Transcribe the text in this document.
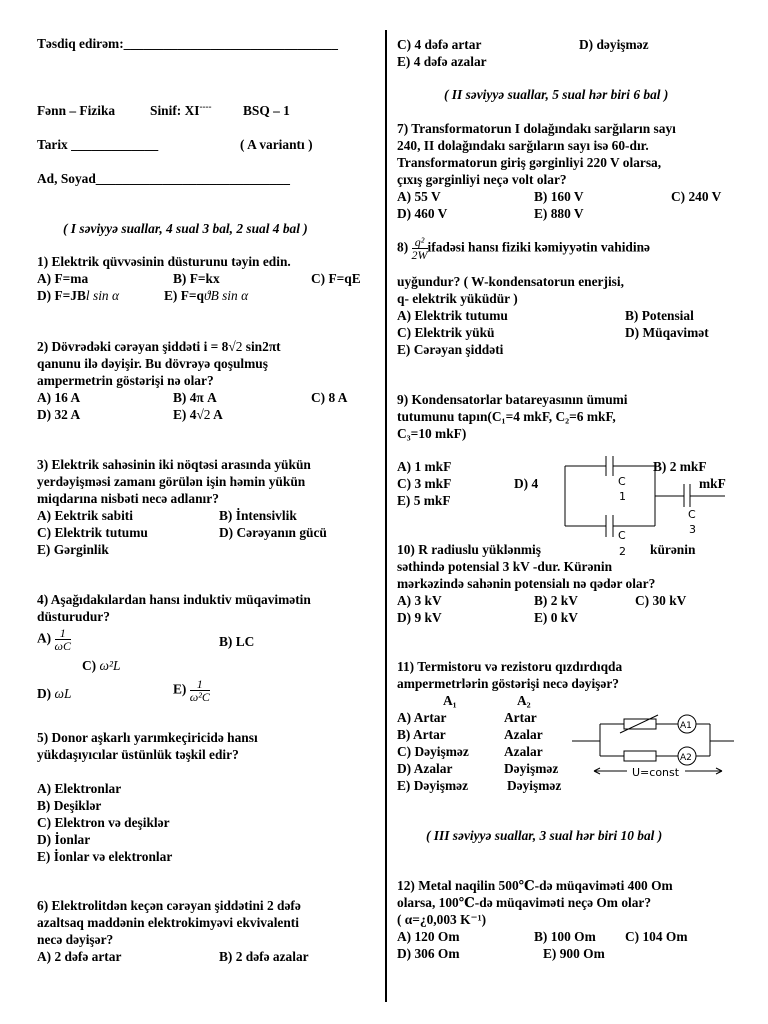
Təsdiq edirəm:________________________________
Fənn – Fizika	Sinif: XI---- BSQ – 1
Tarix _____________	( A variantı )
Ad, Soyad_____________________________
( I səviyyə suallar, 4 sual 3 bal, 2 sual 4 bal )
1) Elektrik qüvvəsinin düsturunu təyin edin.
A) F=ma	B) F=kx	C) F=qE
D) F=JBl sin α	E) F=qϑB sin α
2) Dövrədəki cərəyan şiddəti i = 8√2 sin2πt
qanunu ilə dəyişir. Bu dövrəyə qoşulmuş
ampermetrin göstərişi nə olar?
A) 16 A	B) 4π A	C) 8 A
D) 32 A	E) 4√2 A
3) Elektrik sahəsinin iki nöqtəsi arasında yükün
yerdəyişməsi zamanı görülən işin həmin yükün
miqdarına nisbəti necə adlanır?
A) Eektrik sabiti	B) İntensivlik
C) Elektrik tutumu	D) Cərəyanın gücü
E) Gərginlik
4) Aşağıdakılardan hansı induktiv müqavimətin
düsturudur?
$A) \frac{1}{\omega C}$	B) LC
C) ω²L
D) ωL	$E) \frac{1}{\text{ω²C}}$
5) Donor aşkarlı yarımkeçiricidə hansı
yükdaşıyıcılar üstünlük təşkil edir?
A) Elektronlar
B) Deşiklər
C) Elektron və deşiklər
D) İonlar
E) İonlar və elektronlar
6) Elektrolitdən keçən cərəyan şiddətini 2 dəfə
azaltsaq maddənin elektrokimyəvi ekvivalenti
necə dəyişər?
A) 2 dəfə artar	B) 2 dəfə azalar
C) 4 dəfə artar	D) dəyişməz
E) 4 dəfə azalar
( II səviyyə suallar, 5 sual hər biri 6 bal )
7) Transformatorun I dolağındakı sarğıların sayı
240, II dolağındakı sarğıların sayı isə 60-dır.
Transformatorun giriş gərginliyi 220 V olarsa,
çıxış gərginliyi neçə volt olar?
A) 55 V	B) 160 V	C) 240 V
D) 460 V	E) 880 V
$8) \frac{\text{q²}}{2W}$ ifadəsi hansı fiziki kəmiyyətin vahidinə
uyğundur? ( W-kondensatorun enerjisi,
q- elektrik yüküdür )
A) Elektrik tutumu	B) Potensial
C) Elektrik yükü	D) Müqavimət
E) Cərəyan şiddəti
9) Kondensatorlar batareyasının ümumi
tutumunu tapın(C₁=4 mkF, C₂=6 mkF,
C₃=10 mkF)
A) 1 mkF	B) 2 mkF
C) 3 mkF	D) 4	mkF
E) 5 mkF
10) R radiuslu yüklənmiş	kürənin
səthində potensial 3 kV -dur. Kürənin
mərkəzində sahənin potensialı nə qədər olar?
A) 3 kV	B) 2 kV	C) 30 kV
D) 9 kV	E) 0 kV
11) Termistoru və rezistoru qızdırdıqda
ampermetrlərin göstərişi necə dəyişər?
A₁	A₂
A) Artar	Artar
B) Artar	Azalar
C) Dəyişməz	Azalar
D) Azalar	Dəyişməz
E) Dəyişməz	Dəyişməz
( III səviyyə suallar, 3 sual hər biri 10 bal )
12) Metal naqilin 500℃-də müqaviməti 400 Om
olarsa, 100℃-də müqaviməti neçə Om olar?
( α=¿0,003 K⁻¹)
A) 120 Om	B) 100 Om C) 104 Om
D) 306 Om	E) 900 Om
C
1
C
2
C
3
A1
A2
U=const
